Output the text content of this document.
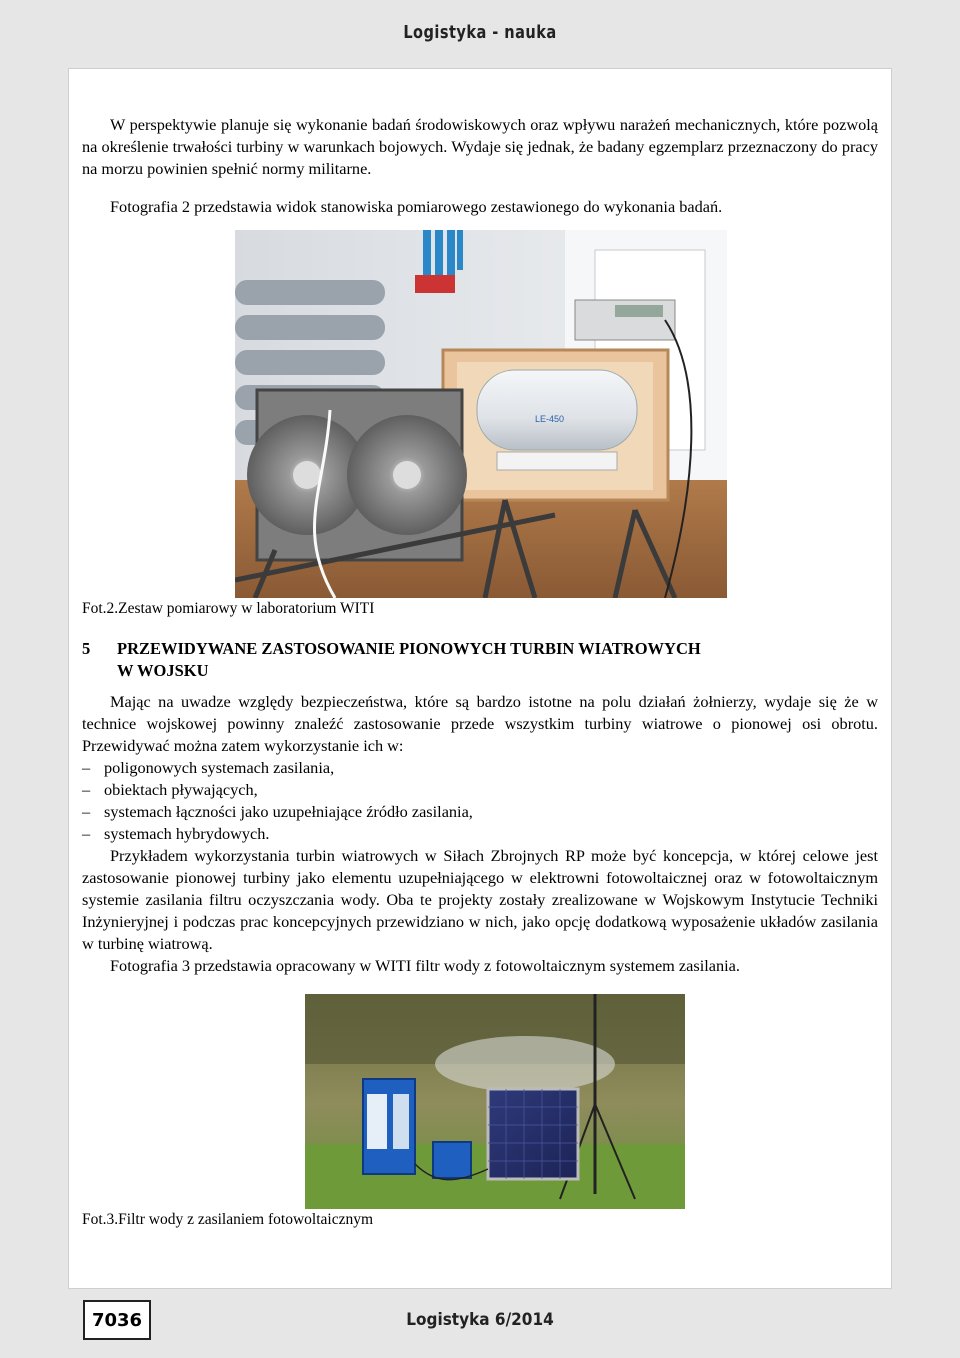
Logistyka - nauka

W perspektywie planuje się wykonanie badań środowiskowych oraz wpływu narażeń mechanicznych, które pozwolą na określenie trwałości turbiny w warunkach bojowych. Wydaje się jednak, że badany egzemplarz przeznaczony do pracy na morzu powinien spełnić normy militarne.

Fotografia 2 przedstawia widok stanowiska pomiarowego zestawionego do wykonania badań.

LE-450

Fot.2.Zestaw pomiarowy w laboratorium WITI

5 PRZEWIDYWANE ZASTOSOWANIE PIONOWYCH TURBIN WIATROWYCH
W WOJSKU

Mając na uwadze względy bezpieczeństwa, które są bardzo istotne na polu działań żołnierzy, wydaje się że w technice wojskowej powinny znaleźć zastosowanie przede wszystkim turbiny wiatrowe o pionowej osi obrotu. Przewidywać można zatem wykorzystanie ich w:

– poligonowych systemach zasilania,
– obiektach pływających,
– systemach łączności jako uzupełniające źródło zasilania,
– systemach hybrydowych.

Przykładem wykorzystania turbin wiatrowych w Siłach Zbrojnych RP może być koncepcja, w której celowe jest zastosowanie pionowej turbiny jako elementu uzupełniającego w elektrowni fotowoltaicznej oraz w fotowoltaicznym systemie zasilania filtru oczyszczania wody. Oba te projekty zostały zrealizowane w Wojskowym Instytucie Techniki Inżynieryjnej i podczas prac koncepcyjnych przewidziano w nich, jako opcję dodatkową wyposażenie układów zasilania w turbinę wiatrową.

Fotografia 3 przedstawia opracowany w WITI filtr wody z fotowoltaicznym systemem zasilania.

Fot.3.Filtr wody z zasilaniem fotowoltaicznym

7036	Logistyka 6/2014
